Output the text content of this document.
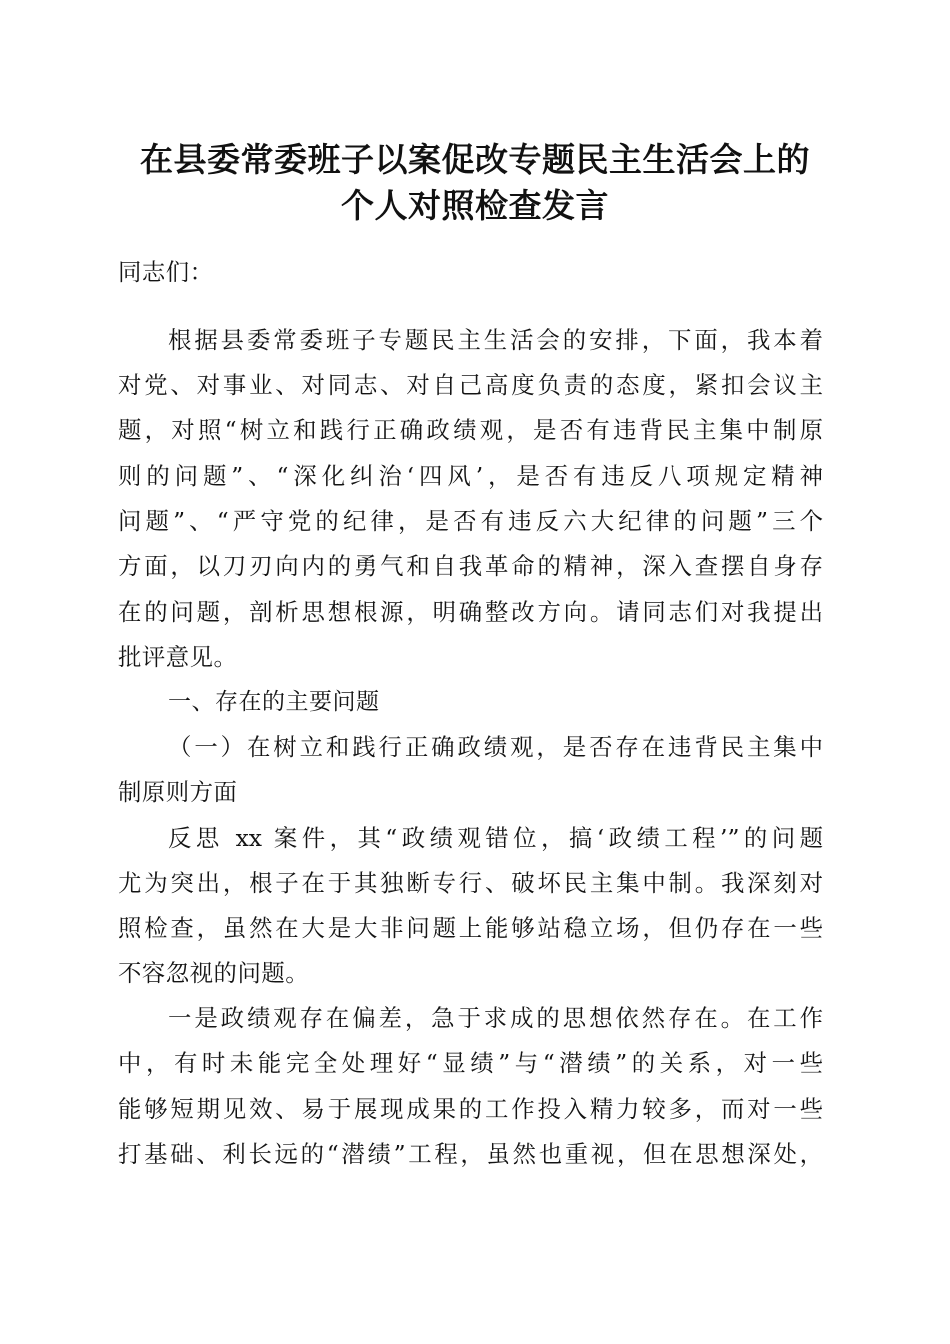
在县委常委班子以案促改专题民主生活会上的
个人对照检查发言
同志们：
根据县委常委班子专题民主生活会的安排，下面，我本着
对党、对事业、对同志、对自己高度负责的态度，紧扣会议主
题，对照“树立和践行正确政绩观，是否有违背民主集中制原
则的问题”、“深化纠治‘四风’，是否有违反八项规定精神
问题”、“严守党的纪律，是否有违反六大纪律的问题”三个
方面，以刀刃向内的勇气和自我革命的精神，深入查摆自身存
在的问题，剖析思想根源，明确整改方向。请同志们对我提出
批评意见。
一、存在的主要问题
（一）在树立和践行正确政绩观，是否存在违背民主集中
制原则方面
反思 xx 案件，其“政绩观错位，搞‘政绩工程’”的问题
尤为突出，根子在于其独断专行、破坏民主集中制。我深刻对
照检查，虽然在大是大非问题上能够站稳立场，但仍存在一些
不容忽视的问题。
一是政绩观存在偏差，急于求成的思想依然存在。在工作
中，有时未能完全处理好“显绩”与“潜绩”的关系，对一些
能够短期见效、易于展现成果的工作投入精力较多，而对一些
打基础、利长远的“潜绩”工程，虽然也重视，但在思想深处，
